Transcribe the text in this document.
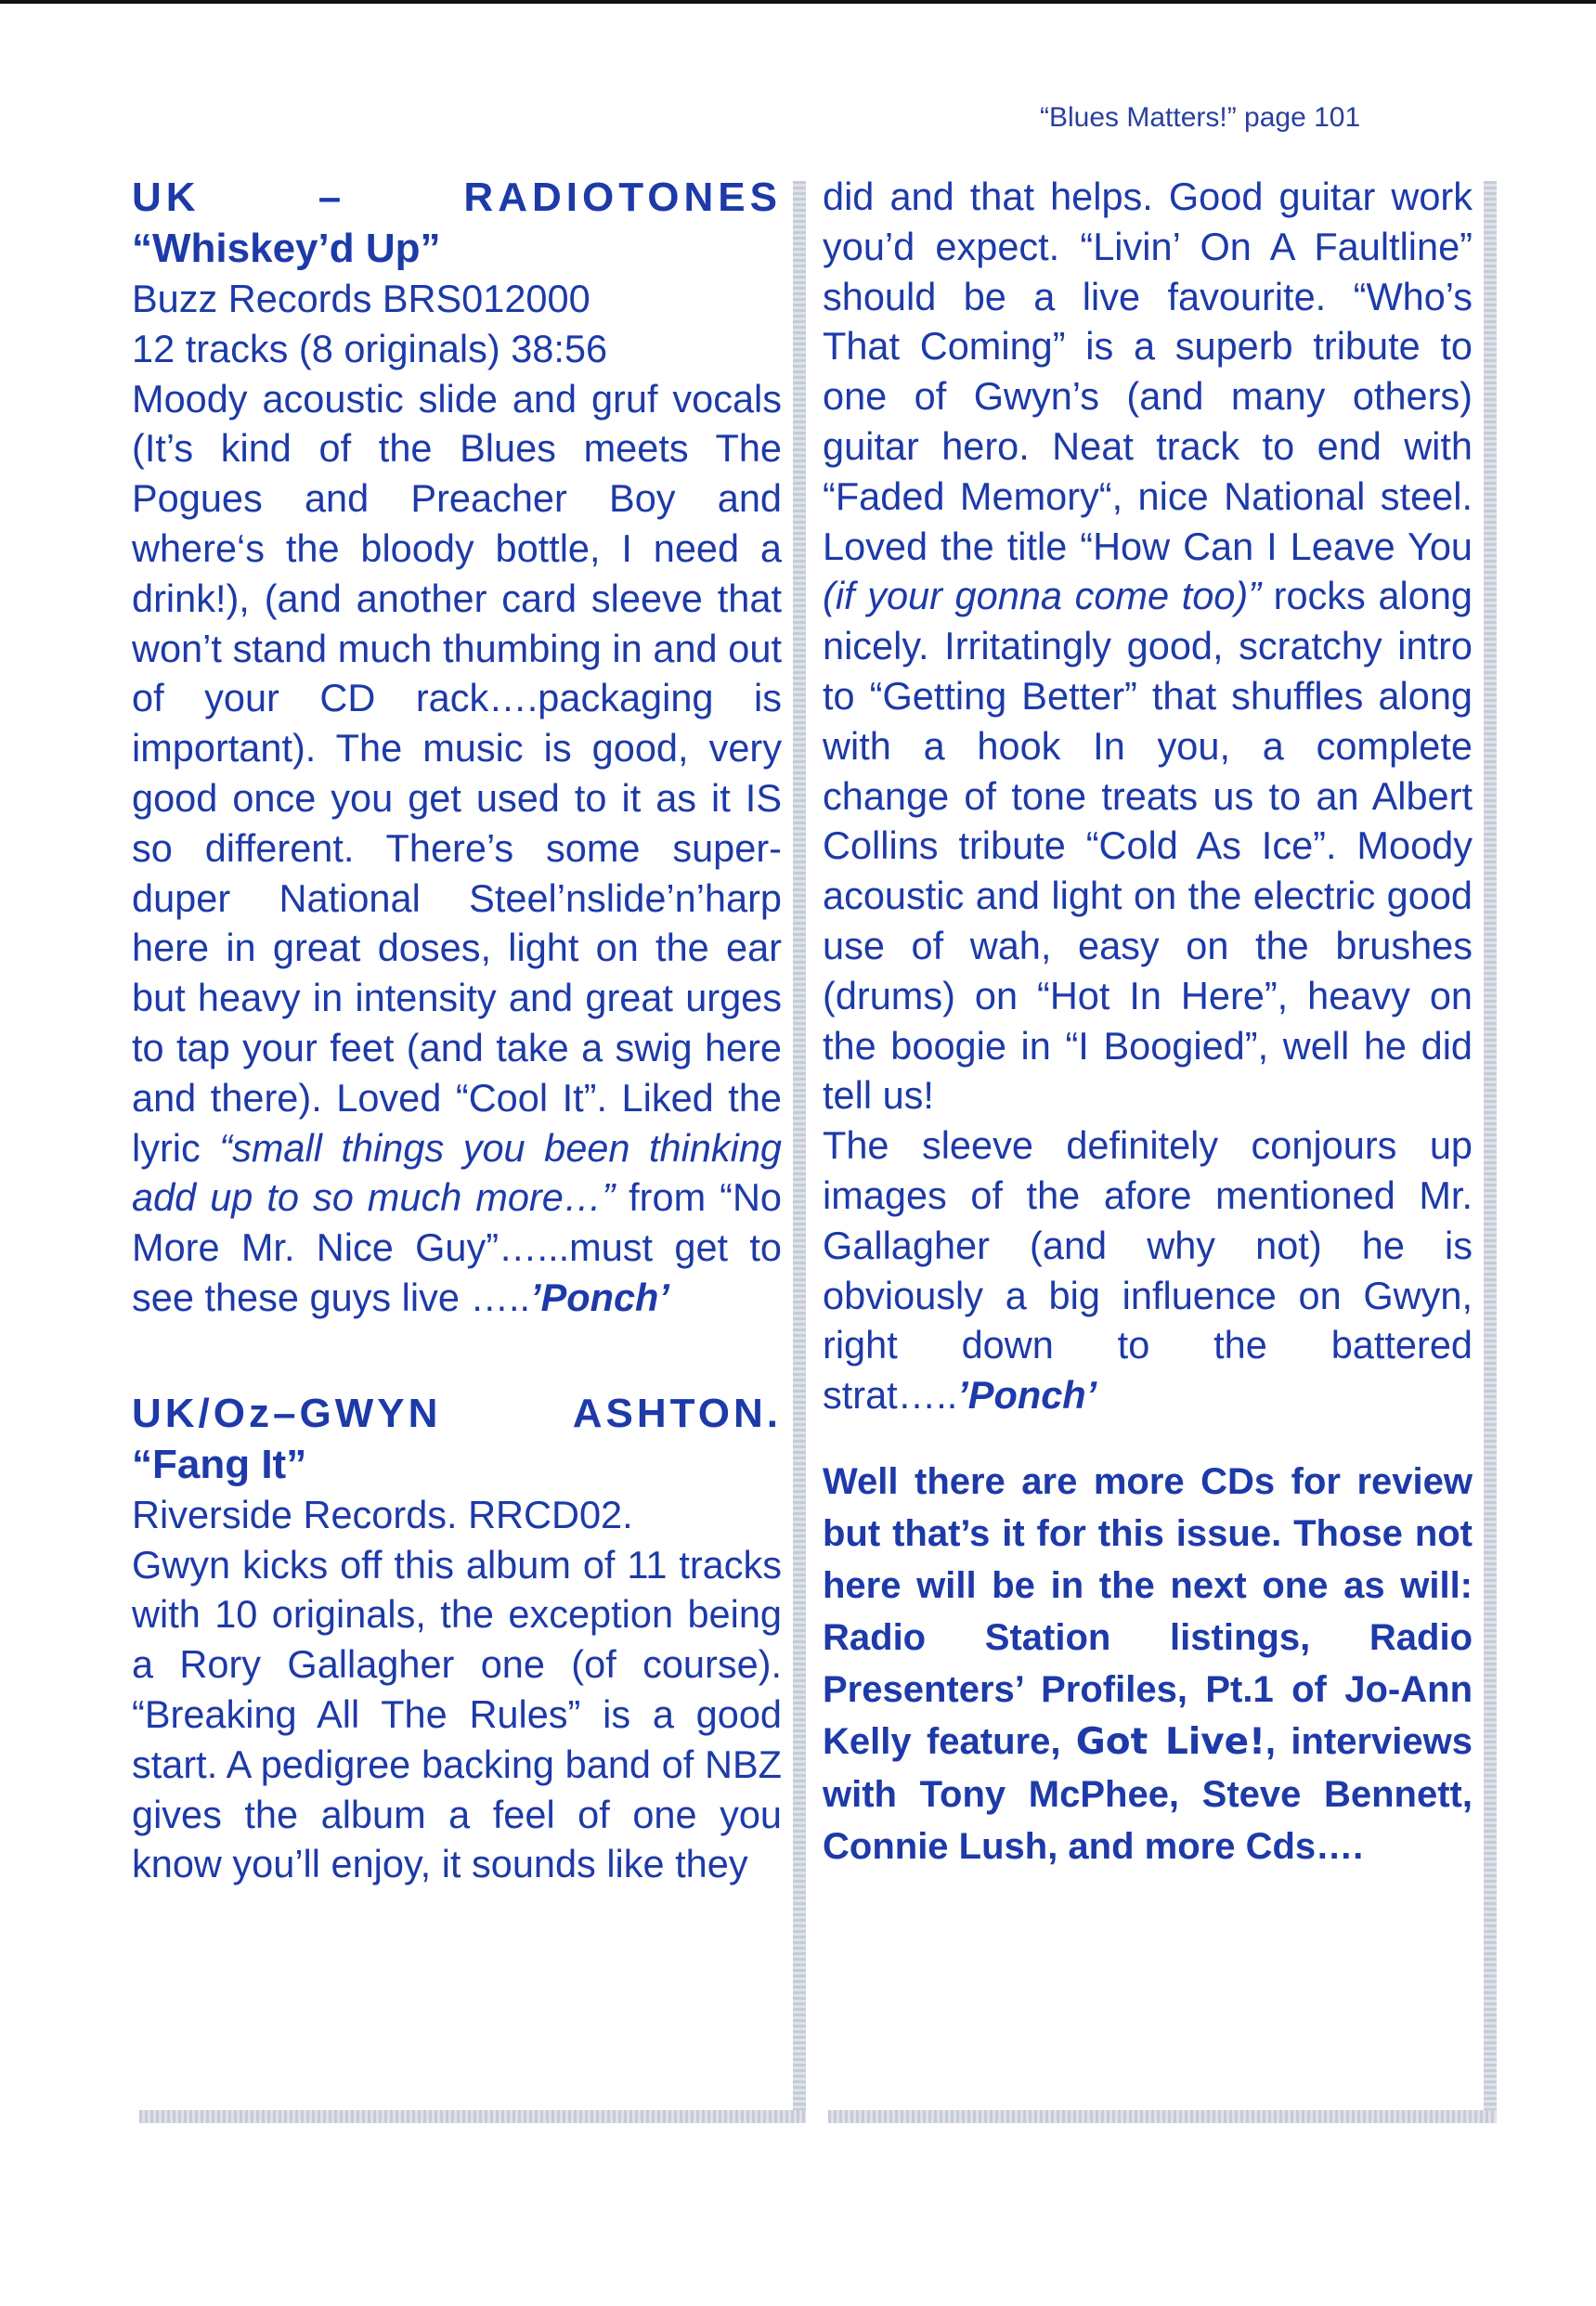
“Blues Matters!” page 101
UK	–	RADIOTONES

“Whiskey’d Up”

Buzz Records BRS012000

12 tracks (8 originals) 38:56

Moody acoustic slide and gruf vocals (It’s kind of the Blues meets The Pogues and Preacher Boy and where‘s the bloody bottle, I need a drink!), (and another card sleeve that won’t stand much thumbing in and out of your CD rack….packaging is important). The music is good, very good once you get used to it as it IS so different. There’s some super-duper National Steel’nslide’n’harp here in great doses, light on the ear but heavy in intensity and great urges to tap your feet (and take a swig here and there). Loved “Cool It”. Liked the lyric “small things you been thinking add up to so much more…” from “No More Mr. Nice Guy”…...must get to see these guys live …..’Ponch’

UK/Oz–GWYN	ASHTON.

“Fang It”

Riverside Records. RRCD02.

Gwyn kicks off this album of 11 tracks with 10 originals, the exception being a Rory Gallagher one (of course). “Breaking All The Rules” is a good start. A pedigree backing band of NBZ gives the album a feel of one you know you’ll enjoy, it sounds like they

did and that helps. Good guitar work you’d expect. “Livin’ On A Faultline” should be a live favourite. “Who’s That Coming” is a superb tribute to one of Gwyn’s (and many others) guitar hero. Neat track to end with “Faded Memory“, nice National steel. Loved the title “How Can I Leave You (if your gonna come too)” rocks along nicely. Irritatingly good, scratchy intro to “Getting Better” that shuffles along with a hook In you, a complete change of tone treats us to an Albert Collins tribute “Cold As Ice”. Moody acoustic and light on the electric good use of wah, easy on the brushes (drums) on “Hot In Here”, heavy on the boogie in “I Boogied”, well he did tell us!

The sleeve definitely conjours up images of the afore mentioned Mr. Gallagher (and why not) he is obviously a big influence on Gwyn, right down to the battered strat…..’Ponch’

Well there are more CDs for review but that’s it for this issue. Those not here will be in the next one as will: Radio Station listings, Radio Presenters’ Profiles, Pt.1 of Jo-Ann Kelly feature, Got Live!, interviews with Tony McPhee, Steve Bennett, Connie Lush, and more Cds….
